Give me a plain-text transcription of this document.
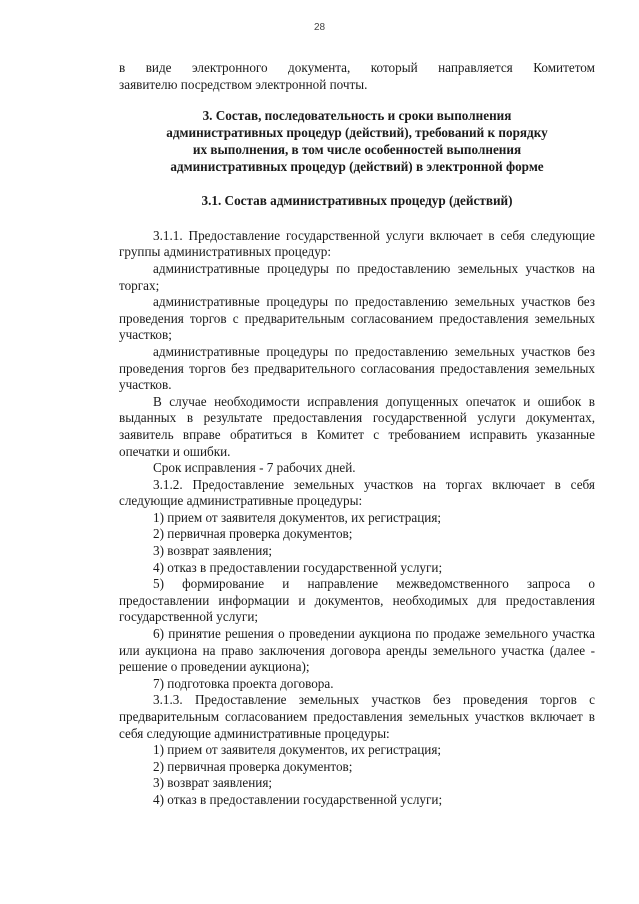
28

в виде электронного документа, который направляется Комитетом

заявителю посредством электронной почты.

3. Состав, последовательность и сроки выполнения
административных процедур (действий), требований к порядку
их выполнения, в том числе особенностей выполнения
административных процедур (действий) в электронной форме
3.1. Состав административных процедур (действий)

3.1.1. Предоставление государственной услуги включает в себя следующие группы административных процедур:

административные процедуры по предоставлению земельных участков на торгах;

административные процедуры по предоставлению земельных участков без проведения торгов с предварительным согласованием предоставления земельных участков;

административные процедуры по предоставлению земельных участков без проведения торгов без предварительного согласования предоставления земельных участков.

В случае необходимости исправления допущенных опечаток и ошибок в выданных в результате предоставления государственной услуги документах, заявитель вправе обратиться в Комитет с требованием исправить указанные опечатки и ошибки.

Срок исправления - 7 рабочих дней.

3.1.2. Предоставление земельных участков на торгах включает в себя следующие административные процедуры:

1) прием от заявителя документов, их регистрация;

2) первичная проверка документов;

3) возврат заявления;

4) отказ в предоставлении государственной услуги;

5) формирование и направление межведомственного запроса о предоставлении информации и документов, необходимых для предоставления государственной услуги;

6) принятие решения о проведении аукциона по продаже земельного участка или аукциона на право заключения договора аренды земельного участка (далее - решение о проведении аукциона);

7) подготовка проекта договора.

3.1.3. Предоставление земельных участков без проведения торгов с предварительным согласованием предоставления земельных участков включает в себя следующие административные процедуры:

1) прием от заявителя документов, их регистрация;

2) первичная проверка документов;

3) возврат заявления;

4) отказ в предоставлении государственной услуги;
